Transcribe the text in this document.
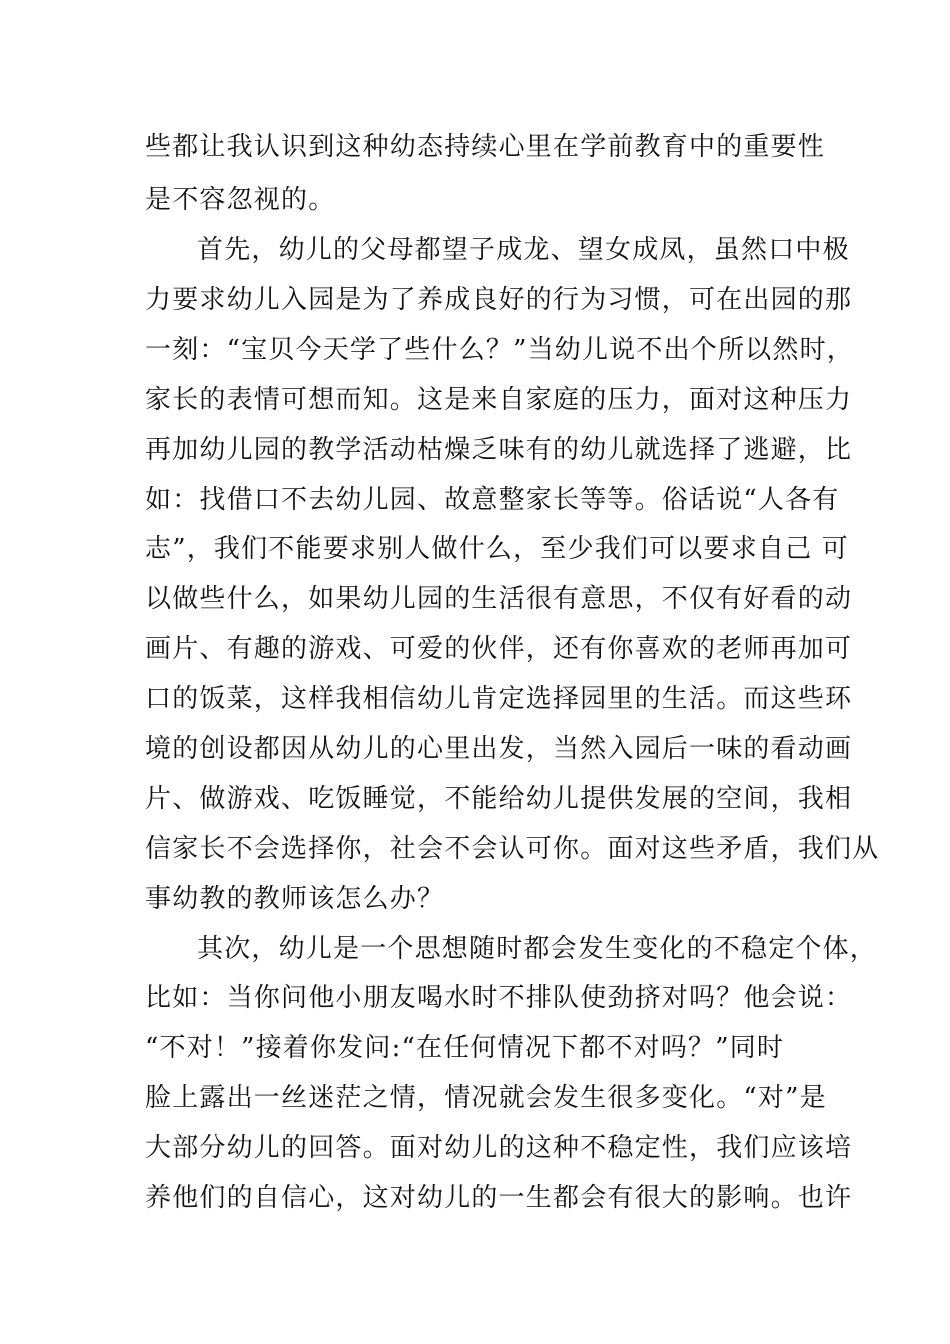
些都让我认识到这种幼态持续心里在学前教育中的重要性
是不容忽视的。
首先，幼儿的父母都望子成龙、望女成凤，虽然口中极
力要求幼儿入园是为了养成良好的行为习惯，可在出园的那
一刻：“宝贝今天学了些什么？”当幼儿说不出个所以然时，
家长的表情可想而知。这是来自家庭的压力，面对这种压力
再加幼儿园的教学活动枯燥乏味有的幼儿就选择了逃避，比
如：找借口不去幼儿园、故意整家长等等。俗话说“人各有
志”，我们不能要求别人做什么，至少我们可以要求自己 可
以做些什么，如果幼儿园的生活很有意思，不仅有好看的动
画片、有趣的游戏、可爱的伙伴，还有你喜欢的老师再加可
口的饭菜，这样我相信幼儿肯定选择园里的生活。而这些环
境的创设都因从幼儿的心里出发，当然入园后一味的看动画
片、做游戏、吃饭睡觉，不能给幼儿提供发展的空间，我相
信家长不会选择你，社会不会认可你。面对这些矛盾，我们从
事幼教的教师该怎么办？
其次，幼儿是一个思想随时都会发生变化的不稳定个体，
比如：当你问他小朋友喝水时不排队使劲挤对吗？他会说：
“不对！”接着你发问:“在任何情况下都不对吗？”同时
脸上露出一丝迷茫之情，情况就会发生很多变化。“对”是
大部分幼儿的回答。面对幼儿的这种不稳定性，我们应该培
养他们的自信心，这对幼儿的一生都会有很大的影响。也许
